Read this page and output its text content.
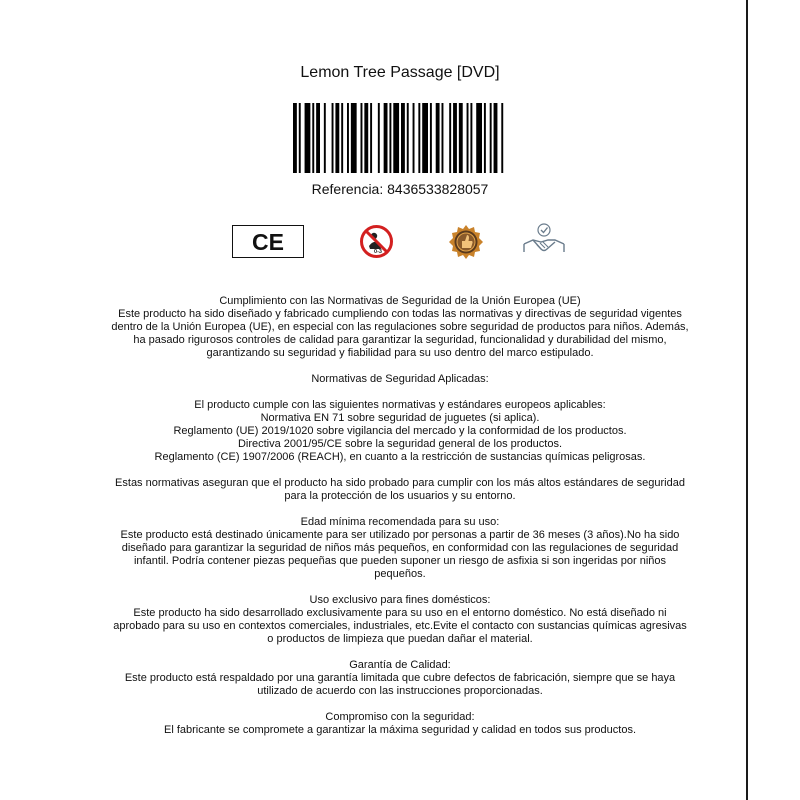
Lemon Tree Passage [DVD]
Referencia: 8436533828057
CE	0-3
Cumplimiento con las Normativas de Seguridad de la Unión Europea (UE)
Este producto ha sido diseñado y fabricado cumpliendo con todas las normativas y directivas de seguridad vigentes dentro de la Unión Europea (UE), en especial con las regulaciones sobre seguridad de productos para niños. Además, ha pasado rigurosos controles de calidad para garantizar la seguridad, funcionalidad y durabilidad del mismo, garantizando su seguridad y fiabilidad para su uso dentro del marco estipulado.
Normativas de Seguridad Aplicadas:
El producto cumple con las siguientes normativas y estándares europeos aplicables:
Normativa EN 71 sobre seguridad de juguetes (si aplica).
Reglamento (UE) 2019/1020 sobre vigilancia del mercado y la conformidad de los productos.
Directiva 2001/95/CE sobre la seguridad general de los productos.
Reglamento (CE) 1907/2006 (REACH), en cuanto a la restricción de sustancias químicas peligrosas.
Estas normativas aseguran que el producto ha sido probado para cumplir con los más altos estándares de seguridad para la protección de los usuarios y su entorno.
Edad mínima recomendada para su uso:
Este producto está destinado únicamente para ser utilizado por personas a partir de 36 meses (3 años).No ha sido diseñado para garantizar la seguridad de niños más pequeños, en conformidad con las regulaciones de seguridad infantil. Podría contener piezas pequeñas que pueden suponer un riesgo de asfixia si son ingeridas por niños pequeños.
Uso exclusivo para fines domésticos:
Este producto ha sido desarrollado exclusivamente para su uso en el entorno doméstico. No está diseñado ni aprobado para su uso en contextos comerciales, industriales, etc.Evite el contacto con sustancias químicas agresivas o productos de limpieza que puedan dañar el material.
Garantía de Calidad:
Este producto está respaldado por una garantía limitada que cubre defectos de fabricación, siempre que se haya utilizado de acuerdo con las instrucciones proporcionadas.
Compromiso con la seguridad:
El fabricante se compromete a garantizar la máxima seguridad y calidad en todos sus productos.
